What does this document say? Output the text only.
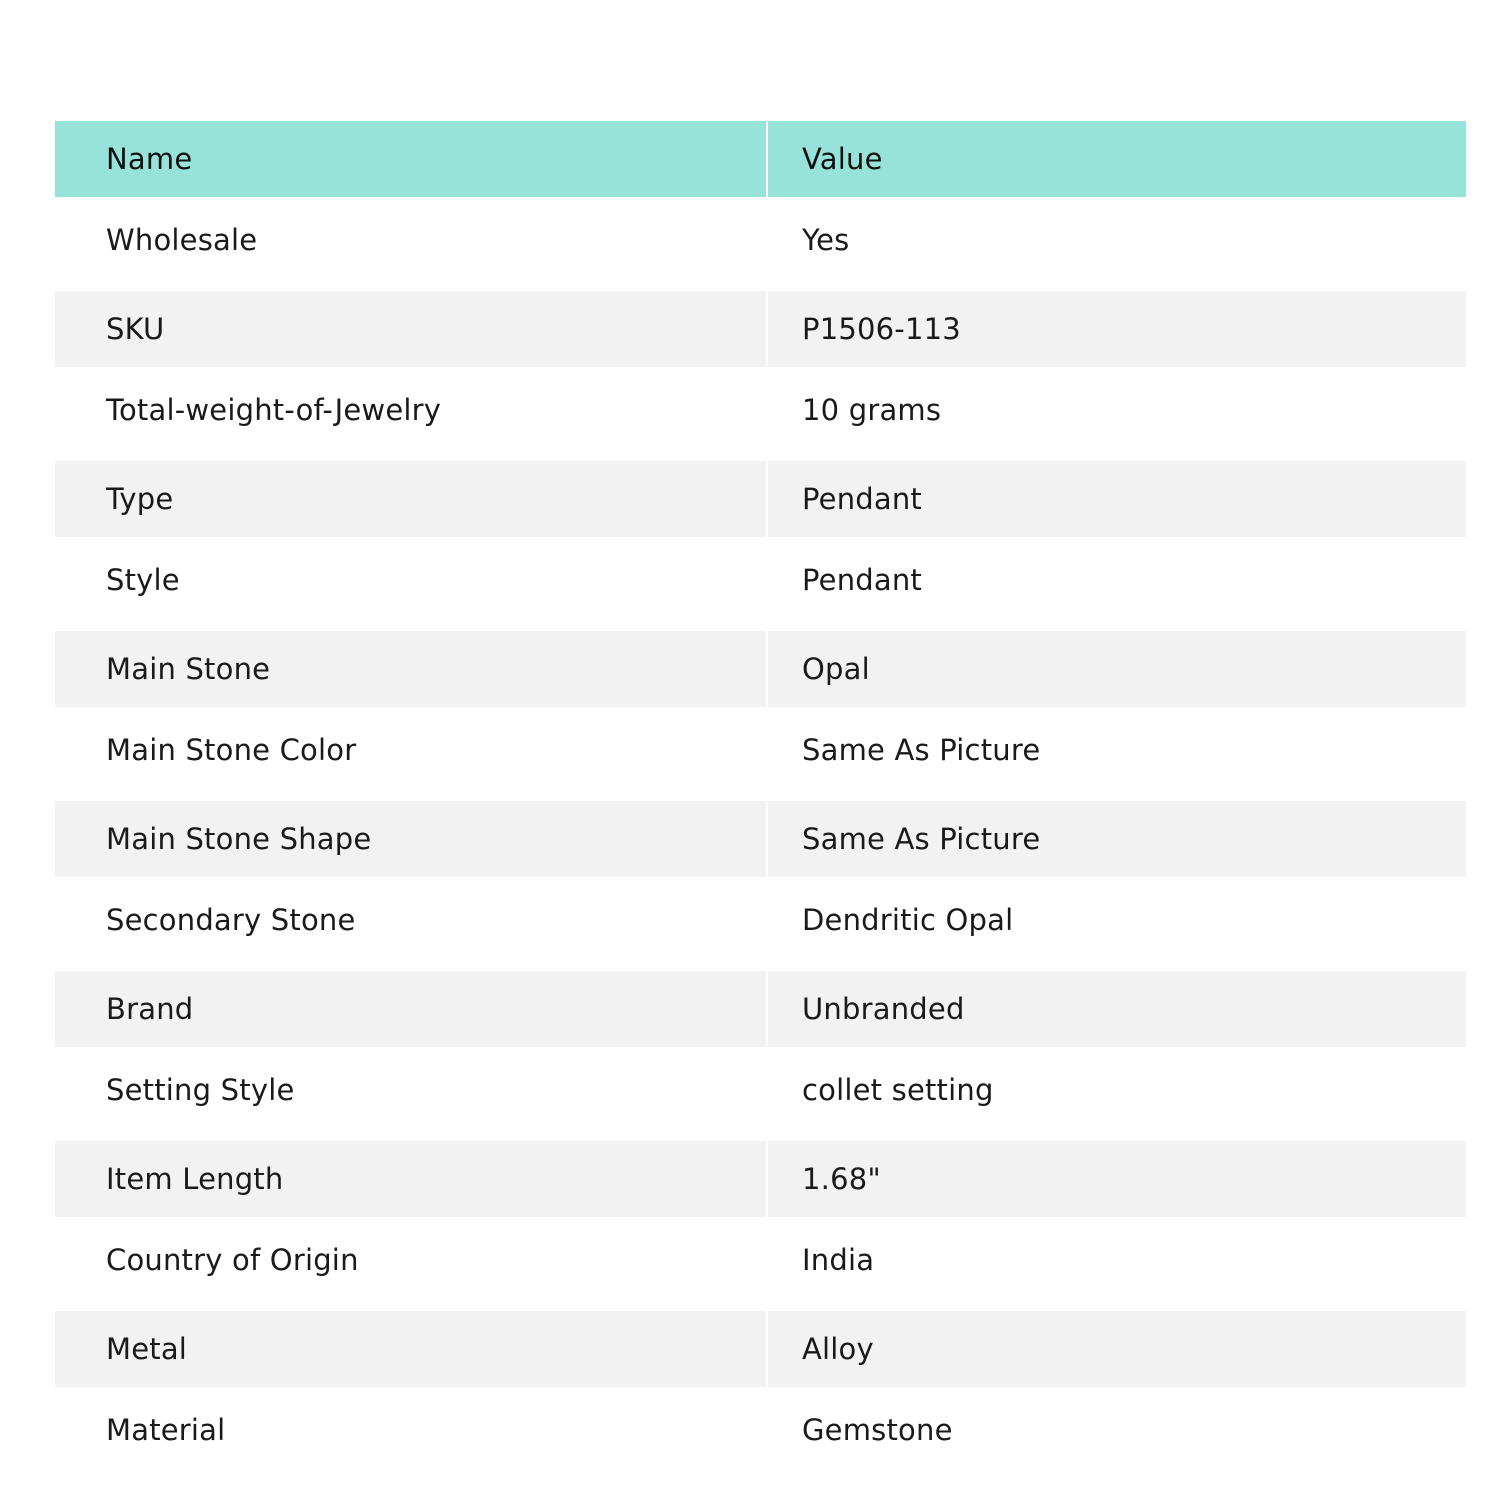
Name	Value
Wholesale	Yes
SKU	P1506-113
Total-weight-of-Jewelry	10 grams
Type	Pendant
Style	Pendant
Main Stone	Opal
Main Stone Color	Same As Picture
Main Stone Shape	Same As Picture
Secondary Stone	Dendritic Opal
Brand	Unbranded
Setting Style	collet setting
Item Length	1.68"
Country of Origin	India
Metal	Alloy
Material	Gemstone
